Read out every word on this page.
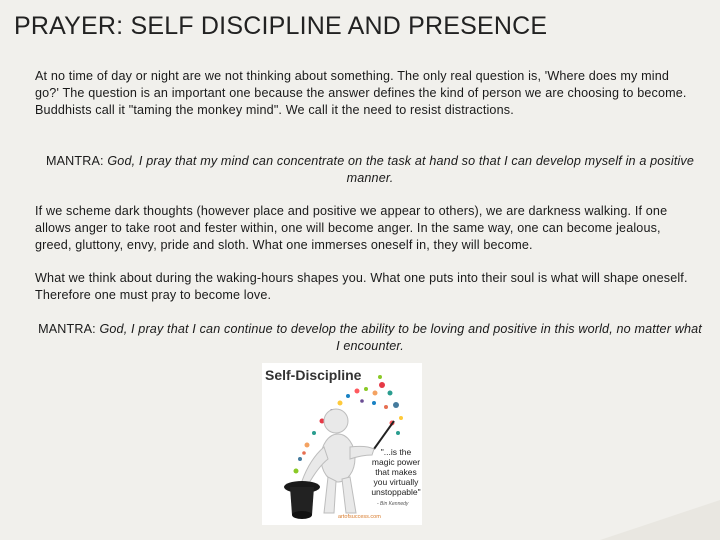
PRAYER: SELF DISCIPLINE AND PRESENCE
At no time of day or night are we not thinking about something. The only real question is, 'Where does my mind go?' The question is an important one because the answer defines the kind of person we are choosing to become.
Buddhists call it "taming the monkey mind". We call it the need to resist distractions.

MANTRA: God, I pray that my mind can concentrate on the task at hand so that I can develop myself in a positive manner.

If we scheme dark thoughts (however place and positive we appear to others), we are darkness walking. If one allows anger to take root and fester within, one will become anger. In the same way, one can become jealous, greed, gluttony, envy, pride and sloth. What one immerses oneself in, they will become.

What we think about during the waking-hours shapes you. What one puts into their soul is what will shape oneself. Therefore one must pray to become love.

MANTRA: God, I pray that I can continue to develop the ability to be loving and positive in this world, no matter what I encounter.

Self-Discipline

"...is the magic power that makes you virtually unstoppable"

- Bin Kennedy
artofsuccess.com
